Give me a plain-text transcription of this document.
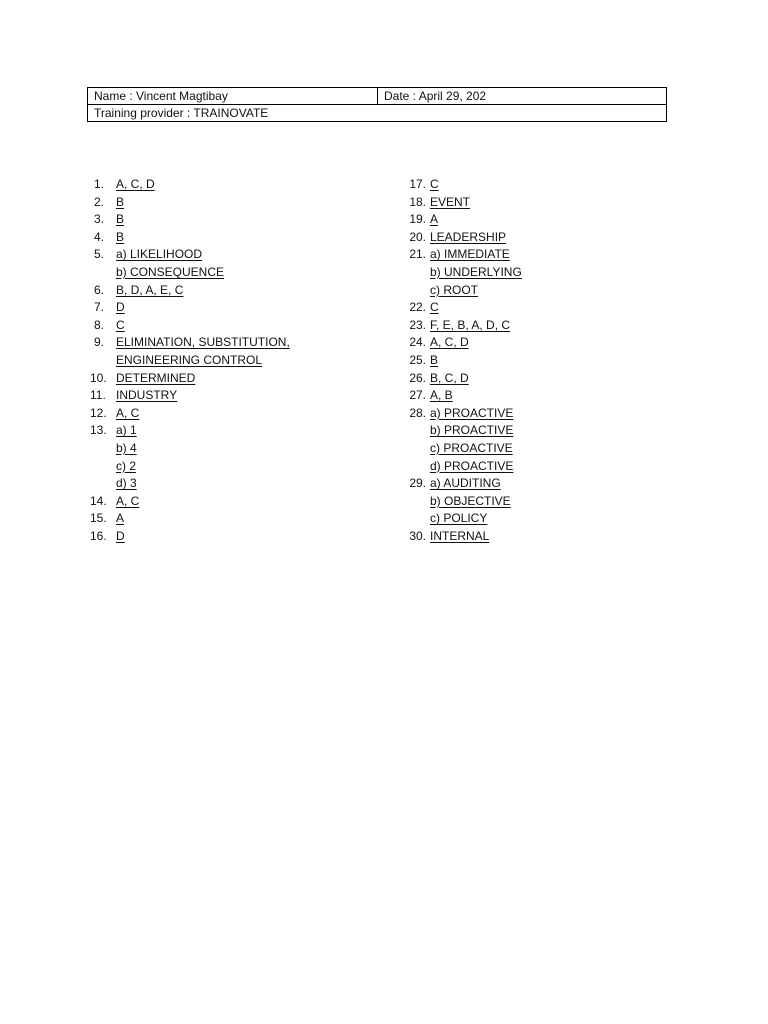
Name : Vincent Magtibay	Date : April 29, 202
Training provider : TRAINOVATE
1. A, C, D
2. B
3. B
4. B
5. a) LIKELIHOOD
b) CONSEQUENCE
6. B, D, A, E, C
7. D
8. C
9. ELIMINATION, SUBSTITUTION,
ENGINEERING CONTROL
10. DETERMINED
11. INDUSTRY
12. A, C
13. a) 1
b) 4
c) 2
d) 3
14. A, C
15. A
16. D
17. C
18. EVENT
19. A
20. LEADERSHIP
21. a) IMMEDIATE
b) UNDERLYING
c) ROOT
22. C
23. F, E, B, A, D, C
24. A, C, D
25. B
26. B, C, D
27. A, B
28. a) PROACTIVE
b) PROACTIVE
c) PROACTIVE
d) PROACTIVE
29. a) AUDITING
b) OBJECTIVE
c) POLICY
30. INTERNAL
